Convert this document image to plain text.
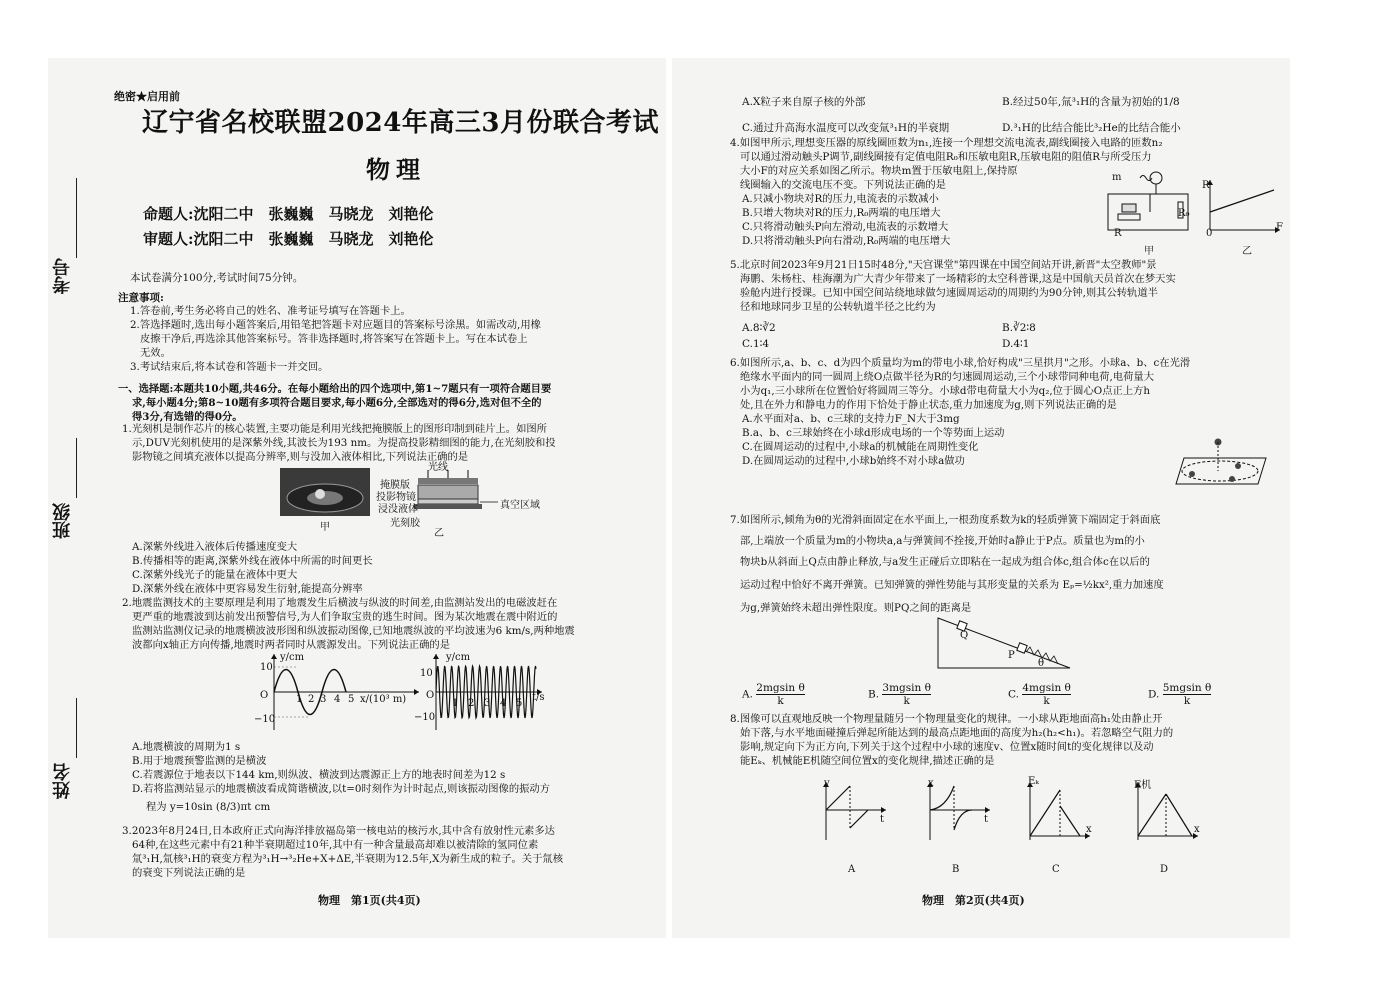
绝密★启用前
辽宁省名校联盟2024年高三3月份联合考试
物理
命题人:沈阳二中　张巍巍　马晓龙　刘艳伦
审题人:沈阳二中　张巍巍　马晓龙　刘艳伦
考号
班级
姓名
本试卷满分100分,考试时间75分钟。
注意事项:
1.答卷前,考生务必将自己的姓名、准考证号填写在答题卡上。
2.答选择题时,选出每小题答案后,用铅笔把答题卡对应题目的答案标号涂黑。如需改动,用橡
皮擦干净后,再选涂其他答案标号。答非选择题时,将答案写在答题卡上。写在本试卷上
无效。
3.考试结束后,将本试卷和答题卡一并交回。
一、选择题:本题共10小题,共46分。在每小题给出的四个选项中,第1~7题只有一项符合题目要
求,每小题4分;第8~10题有多项符合题目要求,每小题6分,全部选对的得6分,选对但不全的
得3分,有选错的得0分。
1.光刻机是制作芯片的核心装置,主要功能是利用光线把掩膜版上的图形印制到硅片上。如图所
示,DUV光刻机使用的是深紫外线,其波长为193 nm。为提高投影精细图的能力,在光刻胶和投
影物镜之间填充液体以提高分辨率,则与没加入液体相比,下列说法正确的是
甲
光线
掩膜版
投影物镜
浸没液体
光刻胶
真空区域
乙
A.深紫外线进入液体后传播速度变大
B.传播相等的距离,深紫外线在液体中所需的时间更长
C.深紫外线光子的能量在液体中更大
D.深紫外线在液体中更容易发生衍射,能提高分辨率
2.地震监测技术的主要原理是利用了地震发生后横波与纵波的时间差,由监测站发出的电磁波赶在
更严重的地震波到达前发出预警信号,为人们争取宝贵的逃生时间。图为某次地震在震中附近的
监测站监测仪记录的地震横波波形图和纵波振动图像,已知地震纵波的平均波速为6 km/s,两种地震
波都向x轴正方向传播,地震时两者同时从震源发出。下列说法正确的是
y/cm
10
O
−10
1 2 3 4 5 x/(10³ m)
y/cm
10
O
−10
1 2 3 4 5
t/s
A.地震横波的周期为1 s
B.用于地震预警监测的是横波
C.若震源位于地表以下144 km,则纵波、横波到达震源正上方的地表时间差为12 s
D.若将监测站显示的地震横波看成简谐横波,以t=0时刻作为计时起点,则该振动图像的振动方
程为 y=10sin (8/3)πt cm
3.2023年8月24日,日本政府正式向海洋排放福岛第一核电站的核污水,其中含有放射性元素多达
64种,在这些元素中有21种半衰期超过10年,其中有一种含量最高却难以被清除的氢同位素
氚³₁H,氚核³₁H的衰变方程为³₁H→³₂He+X+ΔE,半衰期为12.5年,X为新生成的粒子。关于氚核
的衰变下列说法正确的是
物理　第1页(共4页)
A.X粒子来自原子核的外部	B.经过50年,氚³₁H的含量为初始的1/8
C.通过升高海水温度可以改变氚³₁H的半衰期	D.³₁H的比结合能比³₂He的比结合能小
4.如图甲所示,理想变压器的原线圈匝数为n₁,连接一个理想交流电流表,副线圈接入电路的匝数n₂
可以通过滑动触头P调节,副线圈接有定值电阻R₀和压敏电阻R,压敏电阻的阻值R与所受压力
大小F的对应关系如图乙所示。物块m置于压敏电阻上,保持原
线圈输入的交流电压不变。下列说法正确的是
A.只减小物块对R的压力,电流表的示数减小
B.只增大物块对R的压力,R₀两端的电压增大
C.只将滑动触头P向左滑动,电流表的示数增大
D.只将滑动触头P向右滑动,R₀两端的电压增大
m
R
R₀
甲
R
0
F
乙
5.北京时间2023年9月21日15时48分,"天宫课堂"第四课在中国空间站开讲,新晋"太空教师"景
海鹏、朱杨柱、桂海潮为广大青少年带来了一场精彩的太空科普课,这是中国航天员首次在梦天实
验舱内进行授课。已知中国空间站绕地球做匀速圆周运动的周期约为90分钟,则其公转轨道半
径和地球同步卫星的公转轨道半径之比约为
A.8∶∛2	B.∛2∶8
C.1∶4	D.4∶1
6.如图所示,a、b、c、d为四个质量均为m的带电小球,恰好构成"三星拱月"之形。小球a、b、c在光滑
绝缘水平面内的同一圆周上绕O点做半径为R的匀速圆周运动,三个小球带同种电荷,电荷量大
小为q₁,三小球所在位置恰好将圆周三等分。小球d带电荷量大小为q₂,位于圆心O点正上方h
处,且在外力和静电力的作用下恰处于静止状态,重力加速度为g,则下列说法正确的是
A.水平面对a、b、c三球的支持力F_N大于3mg
B.a、b、c三球始终在小球d形成电场的一个等势面上运动
C.在圆周运动的过程中,小球a的机械能在周期性变化
D.在圆周运动的过程中,小球b始终不对小球a做功
7.如图所示,倾角为θ的光滑斜面固定在水平面上,一根劲度系数为k的轻质弹簧下端固定于斜面底
部,上端放一个质量为m的小物块a,a与弹簧间不拴接,开始时a静止于P点。质量也为m的小
物块b从斜面上Q点由静止释放,与a发生正碰后立即粘在一起成为组合体c,组合体c在以后的
运动过程中恰好不离开弹簧。已知弹簧的弹性势能与其形变量的关系为 Eₚ=½kx²,重力加速度
为g,弹簧始终未超出弹性限度。则PQ之间的距离是
Q
P
θ
A. $\frac{\text{2mgsin θ}}{k}$	B. $\frac{\text{3mgsin θ}}{k}$	C. $\frac{\text{4mgsin θ}}{k}$	D. $\frac{\text{5mgsin θ}}{k}$
8.图像可以直观地反映一个物理量随另一个物理量变化的规律。一小球从距地面高h₁处由静止开
始下落,与水平地面碰撞后弹起所能达到的最高点距地面的高度为h₂(h₂<h₁)。若忽略空气阻力的
影响,规定向下为正方向,下列关于这个过程中小球的速度v、位置x随时间t的变化规律以及动
能Eₖ、机械能E机随空间位置x的变化规律,描述正确的是
v
t
A
x
t
B
Eₖ
x
C
E机
x
D
物理　第2页(共4页)
